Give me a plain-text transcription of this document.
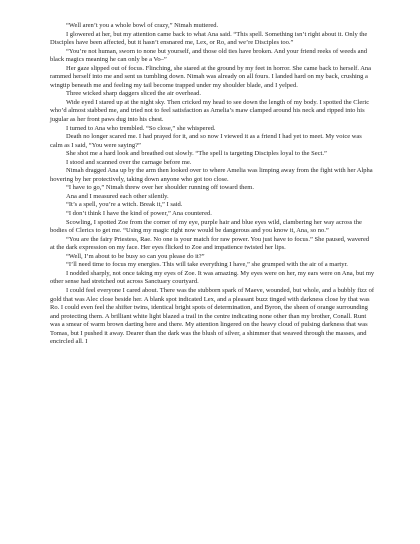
“Well aren’t you a whole bowl of crazy,” Nimah muttered.

I glowered at her, but my attention came back to what Ana said. “This spell. Something isn’t right about it. Only the Disciples have been affected, but it hasn’t ensnared me, Lex, or Ro, and we’re Disciples too.”

“You’re not human, sworn to none but yourself, and those old ties have broken. And your friend reeks of weeds and black magics meaning he can only be a Vo–”

Her gaze slipped out of focus. Flinching, she stared at the ground by my feet in horror. She came back to herself. Ana rammed herself into me and sent us tumbling down. Nimah was already on all fours. I landed hard on my back, crushing a wingtip beneath me and feeling my tail become trapped under my shoulder blade, and I yelped.

Three wicked sharp daggers sliced the air overhead.

Wide eyed I stared up at the night sky. Then cricked my head to see down the length of my body. I spotted the Cleric who’d almost stabbed me, and tried not to feel satisfaction as Amelia’s maw clamped around his neck and ripped into his jugular as her front paws dug into his chest.

I turned to Ana who trembled. “So close,” she whispered.

Death no longer scared me. I had prayed for it, and so now I viewed it as a friend I had yet to meet. My voice was calm as I said, “You were saying?”

She shot me a hard look and breathed out slowly. “The spell is targeting Disciples loyal to the Sect.”

I stood and scanned over the carnage before me.

Nimah dragged Ana up by the arm then looked over to where Amelia was limping away from the fight with her Alpha hovering by her protectively, taking down anyone who got too close.

“I have to go,” Nimah threw over her shoulder running off toward them.

Ana and I measured each other silently.

“It’s a spell, you’re a witch. Break it,” I said.

“I don’t think I have the kind of power,” Ana countered.

Scowling, I spotted Zoe from the corner of my eye, purple hair and blue eyes wild, clambering her way across the bodies of Clerics to get me. “Using my magic right now would be dangerous and you know it, Ana, so no.”

“You are the fairy Priestess, Rae. No one is your match for raw power. You just have to focus.” She paused, wavered at the dark expression on my face. Her eyes flicked to Zoe and impatience twisted her lips.

“Well, I’m about to be busy so can you please do it?”

“I’ll need time to focus my energies. This will take everything I have,” she grumped with the air of a martyr.

I nodded sharply, not once taking my eyes of Zoe. It was amazing. My eyes were on her, my ears were on Ana, but my other sense had stretched out across Sanctuary courtyard.

I could feel everyone I cared about. There was the stubborn spark of Maeve, wounded, but whole, and a bubbly fizz of gold that was Alec close beside her. A blank spot indicated Lex, and a pleasant buzz tinged with darkness close by that was Ro. I could even feel the shifter twins, identical bright spots of determination, and Byron, the sheen of orange surrounding and protecting them. A brilliant white light blazed a trail in the centre indicating none other than my brother, Conall. Runt was a smear of warm brown darting here and there. My attention lingered on the heavy cloud of pulsing darkness that was Tomas, but I pushed it away. Dearer than the dark was the blush of silver, a shimmer that weaved through the masses, and encircled all. I
